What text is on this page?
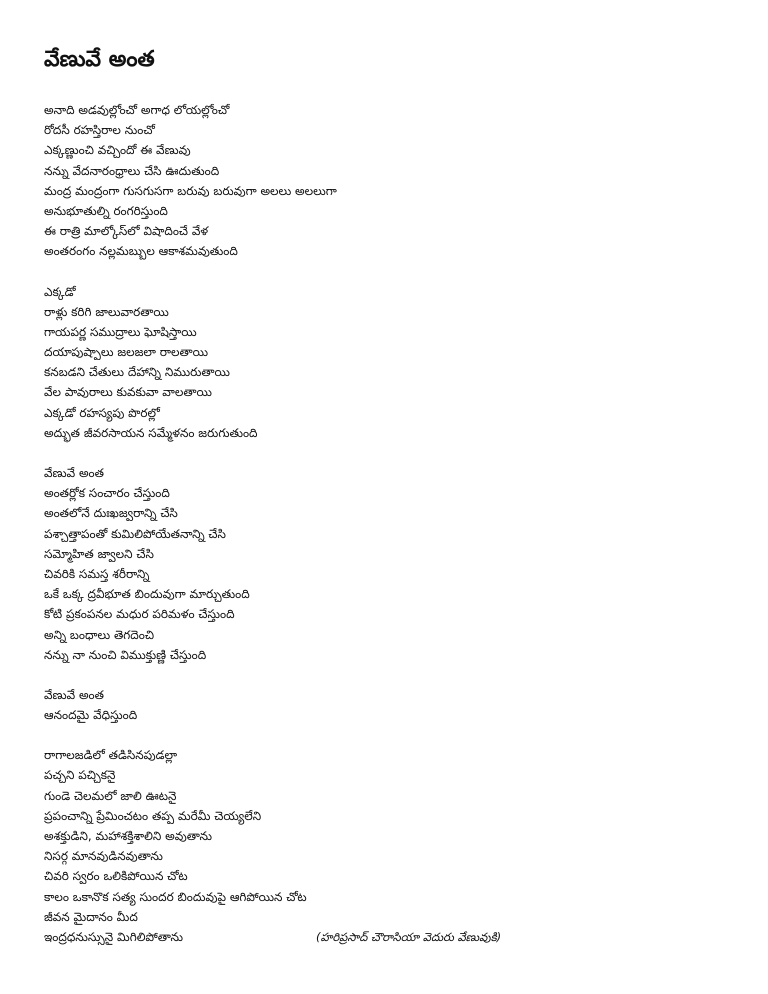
వేణువే అంత
అనాది అడవుల్లోంచో అగాధ లోయల్లోంచో
రోదసీ రహస్తిరాల నుంచో
ఎక్కణ్ణుంచి వచ్చిందో ఈ వేణువు
నన్ను వేదనారంధ్రాలు చేసి ఊదుతుంది
మంద్ర మంద్రంగా గుసగుసగా బరువు బరువుగా అలలు అలలుగా
అనుభూతుల్ని రంగరిస్తుంది
ఈ రాత్రి మాల్కోస్‌లో విషాదించే వేళ
అంతరంగం నల్లమబ్బుల ఆకాశమవుతుంది
ఎక్కడో
రాళ్లు కరిగి జాలువారతాయి
గాయపర్ణ సముద్రాలు ఘోషిస్తాయి
దయాపుష్పాలు జలజలా రాలతాయి
కనబడని చేతులు దేహాన్ని నిమురుతాయి
వేల పావురాలు కువకువా వాలతాయి
ఎక్కడో రహస్యపు పొరల్లో
అద్భుత జీవరసాయన సమ్మేళనం జరుగుతుంది
వేణువే అంత
అంతర్లోక సంచారం చేస్తుంది
అంతలోనే దుఃఖజ్వరాన్ని చేసి
పశ్చాత్తాపంతో కుమిలిపోయేతనాన్ని చేసి
సమ్మోహిత జ్వాలని చేసి
చివరికి సమస్త శరీరాన్ని
ఒకే ఒక్క ద్రవీభూత బిందువుగా మార్చుతుంది
కోటి ప్రకంపనల మధుర పరిమళం చేస్తుంది
అన్ని బంధాలు తెగదెంచి
నన్ను నా నుంచి విముక్తుణ్ణి చేస్తుంది
వేణువే అంత
ఆనందమై వేధిస్తుంది
రాగాలజడిలో తడిసినపుడల్లా
పచ్చని పచ్చికనై
గుండె చెలమలో జాలి ఊటనై
ప్రపంచాన్ని ప్రేమించటం తప్ప మరేమీ చెయ్యలేని
అశక్తుడిని, మహాశక్తిశాలిని అవుతాను
నిసర్గ మానవుడినవుతాను
చివరి స్వరం ఒలికిపోయిన చోట
కాలం ఒకానొక సత్య సుందర బిందువుపై ఆగిపోయిన చోట
జీవన మైదానం మీద
ఇంద్రధనుస్సునై మిగిలిపోతాను	(హరిప్రసాద్ చౌరాసియా వెదురు వేణువుకి)
